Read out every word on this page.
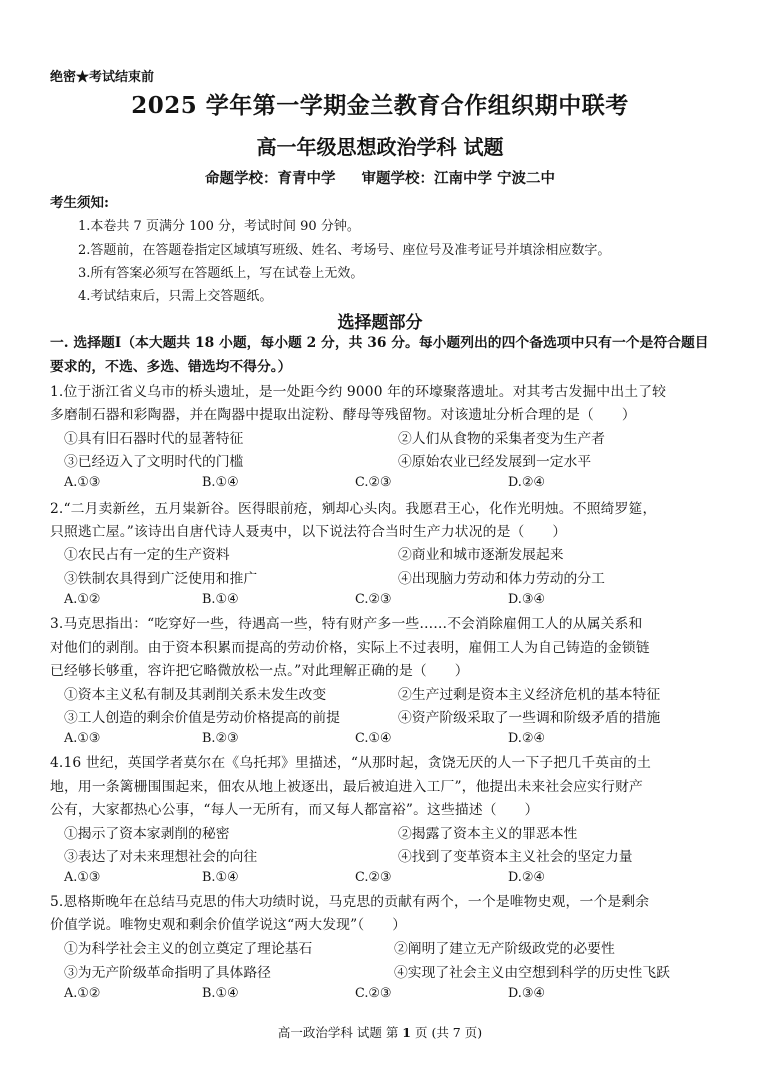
绝密★考试结束前
2025 学年第一学期金兰教育合作组织期中联考
高一年级思想政治学科 试题
命题学校：育青中学 审题学校：江南中学 宁波二中
考生须知:
1.本卷共 7 页满分 100 分，考试时间 90 分钟。
2.答题前，在答题卷指定区域填写班级、姓名、考场号、座位号及准考证号并填涂相应数字。
3.所有答案必须写在答题纸上，写在试卷上无效。
4.考试结束后，只需上交答题纸。
选择题部分
一. 选择题Ⅰ（本大题共 18 小题，每小题 2 分，共 36 分。每小题列出的四个备选项中只有一个是符合题目要求的，不选、多选、错选均不得分。）
1.位于浙江省义乌市的桥头遗址，是一处距今约 9000 年的环壕聚落遗址。对其考古发掘中出土了较
多磨制石器和彩陶器，并在陶器中提取出淀粉、酵母等残留物。对该遗址分析合理的是（　　）
①具有旧石器时代的显著特征	②人们从食物的采集者变为生产者
③已经迈入了文明时代的门槛	④原始农业已经发展到一定水平
A.①③	B.①④	C.②③	D.②④
2.“二月卖新丝，五月粜新谷。医得眼前疮，剜却心头肉。我愿君王心，化作光明烛。不照绮罗筵，
只照逃亡屋。”该诗出自唐代诗人聂夷中，以下说法符合当时生产力状况的是（　　）
①农民占有一定的生产资料	②商业和城市逐渐发展起来
③铁制农具得到广泛使用和推广	④出现脑力劳动和体力劳动的分工
A.①②	B.①④	C.②③	D.③④
3.马克思指出：“吃穿好一些，待遇高一些，特有财产多一些……不会消除雇佣工人的从属关系和
对他们的剥削。由于资本积累而提高的劳动价格，实际上不过表明，雇佣工人为自己铸造的金锁链
已经够长够重，容许把它略微放松一点。”对此理解正确的是（　　）
①资本主义私有制及其剥削关系未发生改变	②生产过剩是资本主义经济危机的基本特征
③工人创造的剩余价值是劳动价格提高的前提	④资产阶级采取了一些调和阶级矛盾的措施
A.①③	B.②③	C.①④	D.②④
4.16 世纪，英国学者莫尔在《乌托邦》里描述，“从那时起，贪饶无厌的人一下子把几千英亩的土
地，用一条篱栅围围起来，佃农从地上被逐出，最后被迫进入工厂”，他提出未来社会应实行财产
公有，大家都热心公事，“每人一无所有，而又每人都富裕”。这些描述（　　）
①揭示了资本家剥削的秘密	②揭露了资本主义的罪恶本性
③表达了对未来理想社会的向往	④找到了变革资本主义社会的坚定力量
A.①③	B.①④	C.②③	D.②④
5.恩格斯晚年在总结马克思的伟大功绩时说，马克思的贡献有两个，一个是唯物史观，一个是剩余
价值学说。唯物史观和剩余价值学说这“两大发现”（　　）
①为科学社会主义的创立奠定了理论基石	②阐明了建立无产阶级政党的必要性
③为无产阶级革命指明了具体路径	④实现了社会主义由空想到科学的历史性飞跃
A.①②	B.①④	C.②③	D.③④
高一政治学科 试题 第 1 页 (共 7 页)
